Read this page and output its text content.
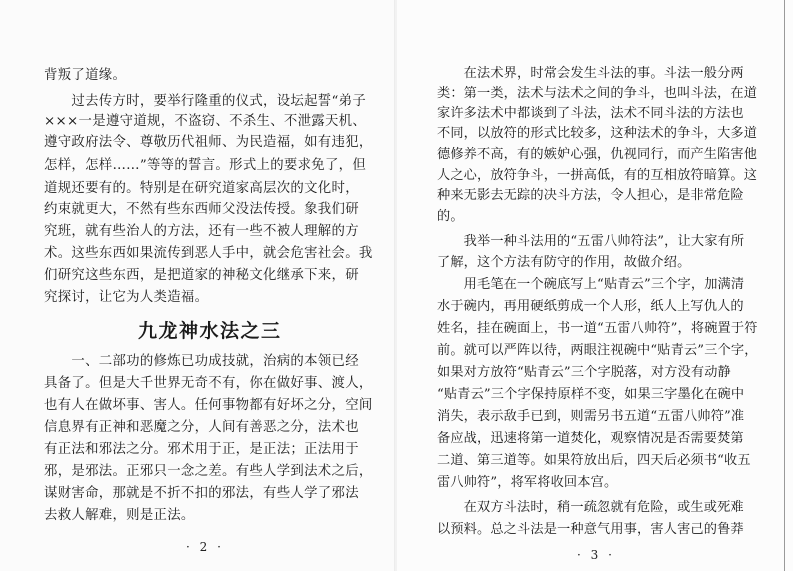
背叛了道缘。

　　过去传方时，要举行隆重的仪式，设坛起誓“弟子

×××一是遵守道规，不盗窃、不杀生、不泄露天机、

遵守政府法令、尊敬历代祖师、为民造福，如有违犯，

怎样，怎样……”等等的誓言。形式上的要求免了，但

道规还要有的。特别是在研究道家高层次的文化时，

约束就更大，不然有些东西师父没法传授。象我们研

究班，就有些治人的方法，还有一些不被人理解的方

术。这些东西如果流传到恶人手中，就会危害社会。我

们研究这些东西，是把道家的神秘文化继承下来，研

究探讨，让它为人类造福。

九龙神水法之三

　　一、二部功的修炼已功成技就，治病的本领已经

具备了。但是大千世界无奇不有，你在做好事、渡人，

也有人在做坏事、害人。任何事物都有好坏之分，空间

信息界有正神和恶魔之分，人间有善恶之分，法术也

有正法和邪法之分。邪术用于正，是正法；正法用于

邪，是邪法。正邪只一念之差。有些人学到法术之后，

谋财害命，那就是不折不扣的邪法，有些人学了邪法

去救人解难，则是正法。

· 2 ·

　　在法术界，时常会发生斗法的事。斗法一般分两

类：第一类，法术与法术之间的争斗，也叫斗法，在道

家许多法术中都谈到了斗法，法术不同斗法的方法也

不同，以放符的形式比较多，这种法术的争斗，大多道

德修养不高，有的嫉妒心强，仇视同行，而产生陷害他

人之心，放符争斗，一拼高低，有的互相放符暗算。这

种来无影去无踪的决斗方法，令人担心，是非常危险

的。

　　我举一种斗法用的“五雷八帅符法”，让大家有所

了解，这个方法有防守的作用，故做介绍。

　　用毛笔在一个碗底写上“贴青云”三个字，加满清

水于碗内，再用硬纸剪成一个人形，纸人上写仇人的

姓名，挂在碗面上，书一道“五雷八帅符”，将碗置于符

前。就可以严阵以待，两眼注视碗中“贴青云”三个字，

如果对方放符“贴青云”三个字脱落，对方没有动静

“贴青云”三个字保持原样不变，如果三字墨化在碗中

消失，表示敌手已到，则需另书五道“五雷八帅符”准

备应战，迅速将第一道焚化，观察情况是否需要焚第

二道、第三道等。如果符放出后，四天后必须书“收五

雷八帅符”，将军将收回本宫。

　　在双方斗法时，稍一疏忽就有危险，或生或死难

以预料。总之斗法是一种意气用事，害人害己的鲁莽

· 3 ·
